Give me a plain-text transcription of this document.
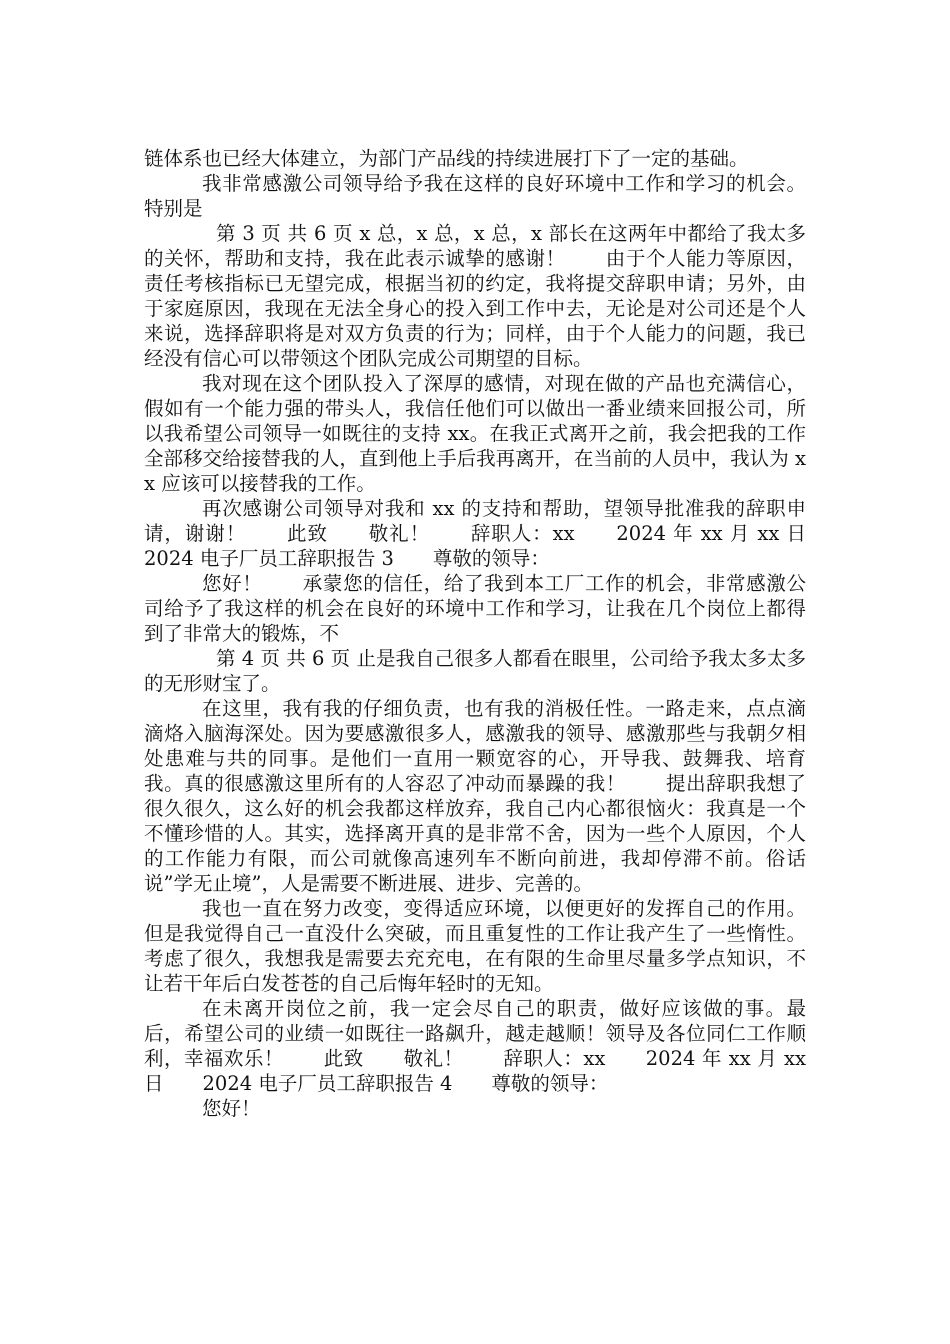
链体系也已经大体建立，为部门产品线的持续进展打下了一定的基础。

我非常感激公司领导给予我在这样的良好环境中工作和学习的机会。特别是

第 3 页 共 6 页 x 总，x 总，x 总，x 部长在这两年中都给了我太多的关怀，帮助和支持，我在此表示诚挚的感谢！　　由于个人能力等原因，责任考核指标已无望完成，根据当初的约定，我将提交辞职申请；另外，由于家庭原因，我现在无法全身心的投入到工作中去，无论是对公司还是个人来说，选择辞职将是对双方负责的行为；同样，由于个人能力的问题，我已经没有信心可以带领这个团队完成公司期望的目标。

我对现在这个团队投入了深厚的感情，对现在做的产品也充满信心，假如有一个能力强的带头人，我信任他们可以做出一番业绩来回报公司，所以我希望公司领导一如既往的支持 xx。在我正式离开之前，我会把我的工作全部移交给接替我的人，直到他上手后我再离开，在当前的人员中，我认为 xx 应该可以接替我的工作。

再次感谢公司领导对我和 xx 的支持和帮助，望领导批准我的辞职申请，谢谢！　　此致　　敬礼！　　辞职人：xx　　2024 年 xx 月 xx 日　　2024 电子厂员工辞职报告 3　　尊敬的领导：

您好！　　承蒙您的信任，给了我到本工厂工作的机会，非常感激公司给予了我这样的机会在良好的环境中工作和学习，让我在几个岗位上都得到了非常大的锻炼，不

第 4 页 共 6 页 止是我自己很多人都看在眼里，公司给予我太多太多的无形财宝了。

在这里，我有我的仔细负责，也有我的消极任性。一路走来，点点滴滴烙入脑海深处。因为要感激很多人，感激我的领导、感激那些与我朝夕相处患难与共的同事。是他们一直用一颗宽容的心，开导我、鼓舞我、培育我。真的很感激这里所有的人容忍了冲动而暴躁的我！　　提出辞职我想了很久很久，这么好的机会我都这样放弃，我自己内心都很恼火：我真是一个不懂珍惜的人。其实，选择离开真的是非常不舍，因为一些个人原因，个人的工作能力有限，而公司就像高速列车不断向前进，我却停滞不前。俗话说”学无止境”，人是需要不断进展、进步、完善的。

我也一直在努力改变，变得适应环境，以便更好的发挥自己的作用。但是我觉得自己一直没什么突破，而且重复性的工作让我产生了一些惰性。考虑了很久，我想我是需要去充充电，在有限的生命里尽量多学点知识，不让若干年后白发苍苍的自己后悔年轻时的无知。

在未离开岗位之前，我一定会尽自己的职责，做好应该做的事。最后，希望公司的业绩一如既往一路飙升，越走越顺！领导及各位同仁工作顺利，幸福欢乐！　　此致　　敬礼！　　辞职人：xx　　2024 年 xx 月 xx 日　　2024 电子厂员工辞职报告 4　　尊敬的领导：

您好！
